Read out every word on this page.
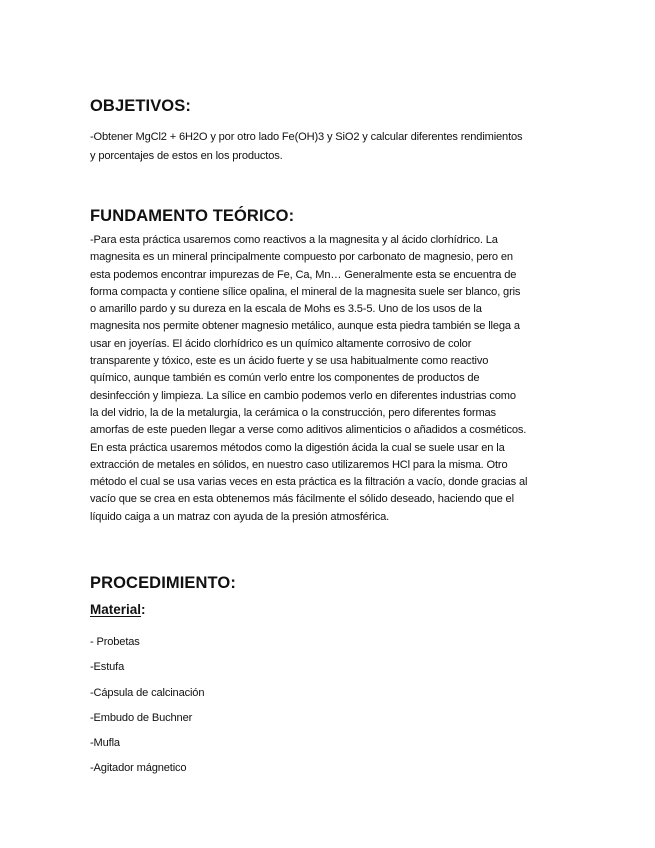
OBJETIVOS:

-Obtener MgCl2 + 6H2O y por otro lado Fe(OH)3 y SiO2 y calcular diferentes rendimientos

y porcentajes de estos en los productos.

FUNDAMENTO TEÓRICO:
-Para esta práctica usaremos como reactivos a la magnesita y al ácido clorhídrico. La
magnesita es un mineral principalmente compuesto por carbonato de magnesio, pero en
esta podemos encontrar impurezas de Fe, Ca, Mn… Generalmente esta se encuentra de
forma compacta y contiene sílice opalina, el mineral de la magnesita suele ser blanco, gris
o amarillo pardo y su dureza en la escala de Mohs es 3.5-5. Uno de los usos de la
magnesita nos permite obtener magnesio metálico, aunque esta piedra también se llega a
usar en joyerías. El ácido clorhídrico es un químico altamente corrosivo de color
transparente y tóxico, este es un ácido fuerte y se usa habitualmente como reactivo
químico, aunque también es común verlo entre los componentes de productos de
desinfección y limpieza. La sílice en cambio podemos verlo en diferentes industrias como
la del vidrio, la de la metalurgia, la cerámica o la construcción, pero diferentes formas
amorfas de este pueden llegar a verse como aditivos alimenticios o añadidos a cosméticos.
En esta práctica usaremos métodos como la digestión ácida la cual se suele usar en la
extracción de metales en sólidos, en nuestro caso utilizaremos HCl para la misma. Otro
método el cual se usa varias veces en esta práctica es la filtración a vacío, donde gracias al
vacío que se crea en esta obtenemos más fácilmente el sólido deseado, haciendo que el
líquido caiga a un matraz con ayuda de la presión atmosférica.
PROCEDIMIENTO:

Material:

- Probetas
-Estufa
-Cápsula de calcinación
-Embudo de Buchner
-Mufla
-Agitador mágnetico
